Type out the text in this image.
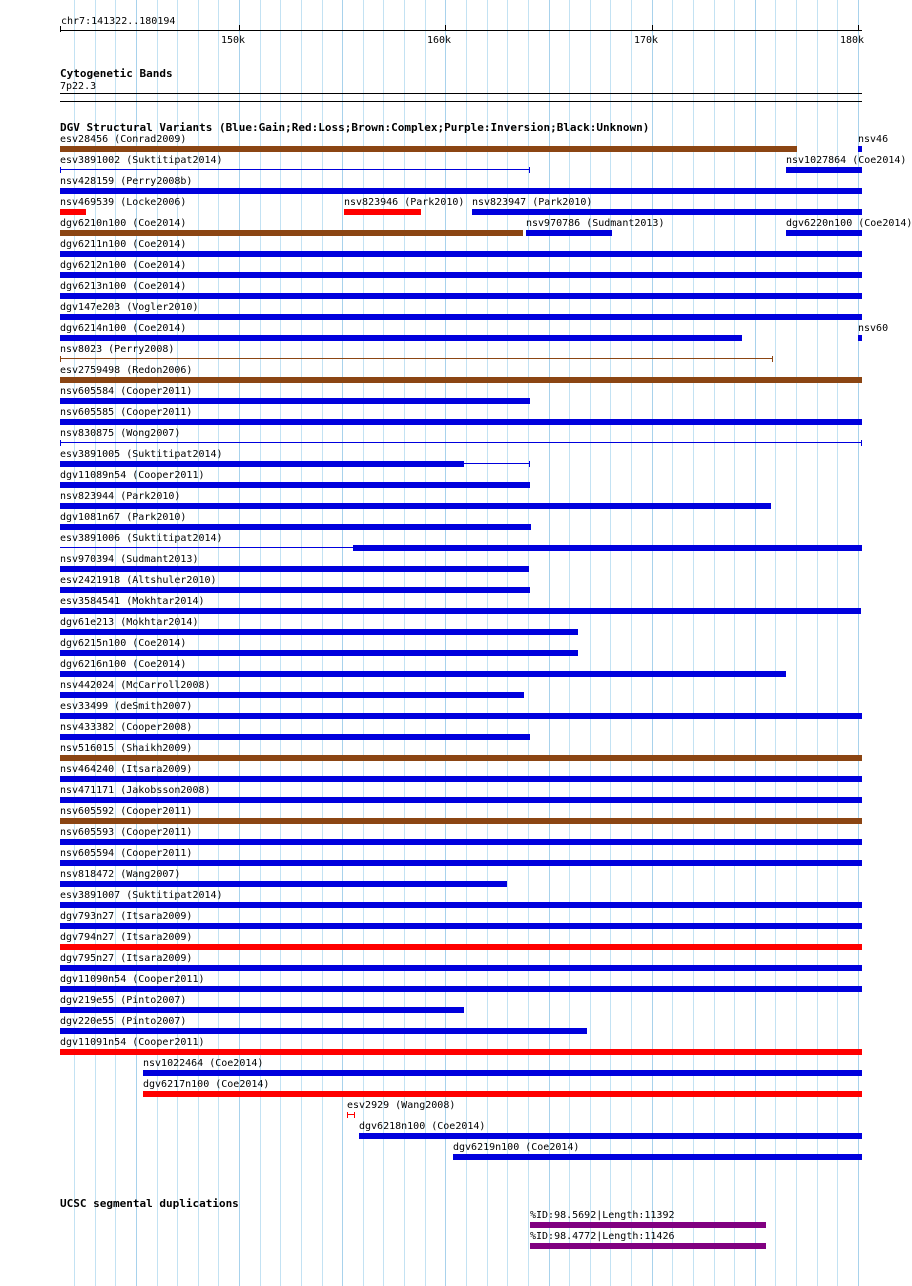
chr7:141322..180194
150k	160k	170k	180k
Cytogenetic Bands
7p22.3
DGV Structural Variants (Blue:Gain;Red:Loss;Brown:Complex;Purple:Inversion;Black:Unknown)
esv28456 (Conrad2009)	nsv46
esv3891002 (Suktitipat2014)	nsv1027864 (Coe2014)
nsv428159 (Perry2008b)
nsv469539 (Locke2006)	nsv823946 (Park2010) nsv823947 (Park2010)
dgv6210n100 (Coe2014)	nsv970786 (Sudmant2013)	dgv6220n100 (Coe2014)
dgv6211n100 (Coe2014)
dgv6212n100 (Coe2014)
dgv6213n100 (Coe2014)
dgv147e203 (Vogler2010)
dgv6214n100 (Coe2014)	nsv60
nsv8023 (Perry2008)
esv2759498 (Redon2006)
nsv605584 (Cooper2011)
nsv605585 (Cooper2011)
nsv830875 (Wong2007)
esv3891005 (Suktitipat2014)
dgv11089n54 (Cooper2011)
nsv823944 (Park2010)
dgv1081n67 (Park2010)
esv3891006 (Suktitipat2014)
nsv970394 (Sudmant2013)
esv2421918 (Altshuler2010)
esv3584541 (Mokhtar2014)
dgv61e213 (Mokhtar2014)
dgv6215n100 (Coe2014)
dgv6216n100 (Coe2014)
nsv442024 (McCarroll2008)
esv33499 (deSmith2007)
nsv433382 (Cooper2008)
nsv516015 (Shaikh2009)
nsv464240 (Itsara2009)
nsv471171 (Jakobsson2008)
nsv605592 (Cooper2011)
nsv605593 (Cooper2011)
nsv605594 (Cooper2011)
nsv818472 (Wang2007)
esv3891007 (Suktitipat2014)
dgv793n27 (Itsara2009)
dgv794n27 (Itsara2009)
dgv795n27 (Itsara2009)
dgv11090n54 (Cooper2011)
dgv219e55 (Pinto2007)
dgv220e55 (Pinto2007)
dgv11091n54 (Cooper2011)
nsv1022464 (Coe2014)
dgv6217n100 (Coe2014)
esv2929 (Wang2008)
dgv6218n100 (Coe2014)
dgv6219n100 (Coe2014)
UCSC segmental duplications
%ID:98.5692|Length:11392
%ID:98.4772|Length:11426
